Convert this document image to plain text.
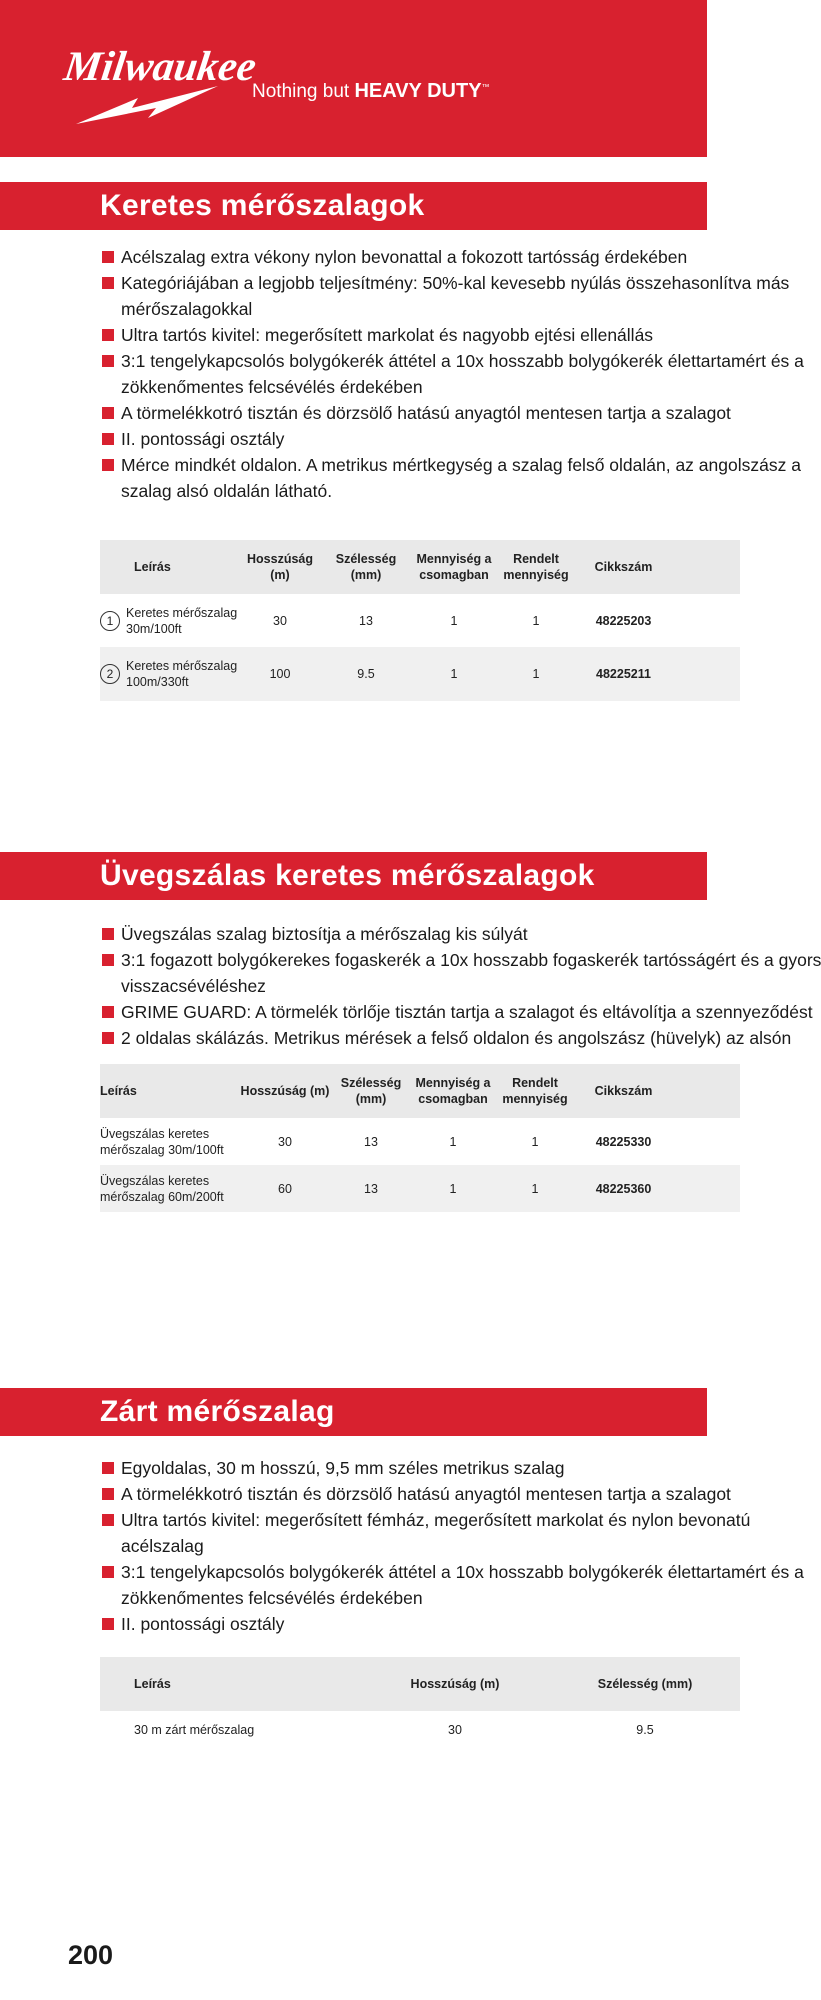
Milwaukee
Nothing but HEAVY DUTY™
Keretes mérőszalagok
Acélszalag extra vékony nylon bevonattal a fokozott tartósság érdekében
Kategóriájában a legjobb teljesítmény: 50%-kal kevesebb nyúlás összehasonlítva más
mérőszalagokkal
Ultra tartós kivitel: megerősített markolat és nagyobb ejtési ellenállás
3:1 tengelykapcsolós bolygókerék áttétel a 10x hosszabb bolygókerék élettartamért és a
zökkenőmentes felcsévélés érdekében
A törmelékkotró tisztán és dörzsölő hatású anyagtól mentesen tartja a szalagot
II. pontossági osztály
Mérce mindkét oldalon. A metrikus mértkegység a szalag felső oldalán, az angolszász a
szalag alsó oldalán látható.
Leírás	Hosszúság (m)	Szélesség (mm)	Mennyiség a csomagban	Rendelt mennyiség	Cikkszám	
1Keretes mérőszalag
30m/100ft	30	13	1	1	48225203	
2Keretes mérőszalag
100m/330ft	100	9.5	1	1	48225211	
Üvegszálas keretes mérőszalagok
Üvegszálas szalag biztosítja a mérőszalag kis súlyát
3:1 fogazott bolygókerekes fogaskerék a 10x hosszabb fogaskerék tartósságért és a gyors
visszacsévéléshez
GRIME GUARD: A törmelék törlője tisztán tartja a szalagot és eltávolítja a szennyeződést
2 oldalas skálázás. Metrikus mérések a felső oldalon és angolszász (hüvelyk) az alsón
Leírás	Hosszúság (m)	Szélesség (mm)	Mennyiség a csomagban	Rendelt mennyiség	Cikkszám	
Üvegszálas keretes
mérőszalag 30m/100ft	30	13	1	1	48225330	
Üvegszálas keretes
mérőszalag 60m/200ft	60	13	1	1	48225360	
Zárt mérőszalag
Egyoldalas, 30 m hosszú, 9,5 mm széles metrikus szalag
A törmelékkotró tisztán és dörzsölő hatású anyagtól mentesen tartja a szalagot
Ultra tartós kivitel: megerősített fémház, megerősített markolat és nylon bevonatú
acélszalag
3:1 tengelykapcsolós bolygókerék áttétel a 10x hosszabb bolygókerék élettartamért és a
zökkenőmentes felcsévélés érdekében
II. pontossági osztály
Leírás	Hosszúság (m)	Szélesség (mm)
30 m zárt mérőszalag	30	9.5
200
